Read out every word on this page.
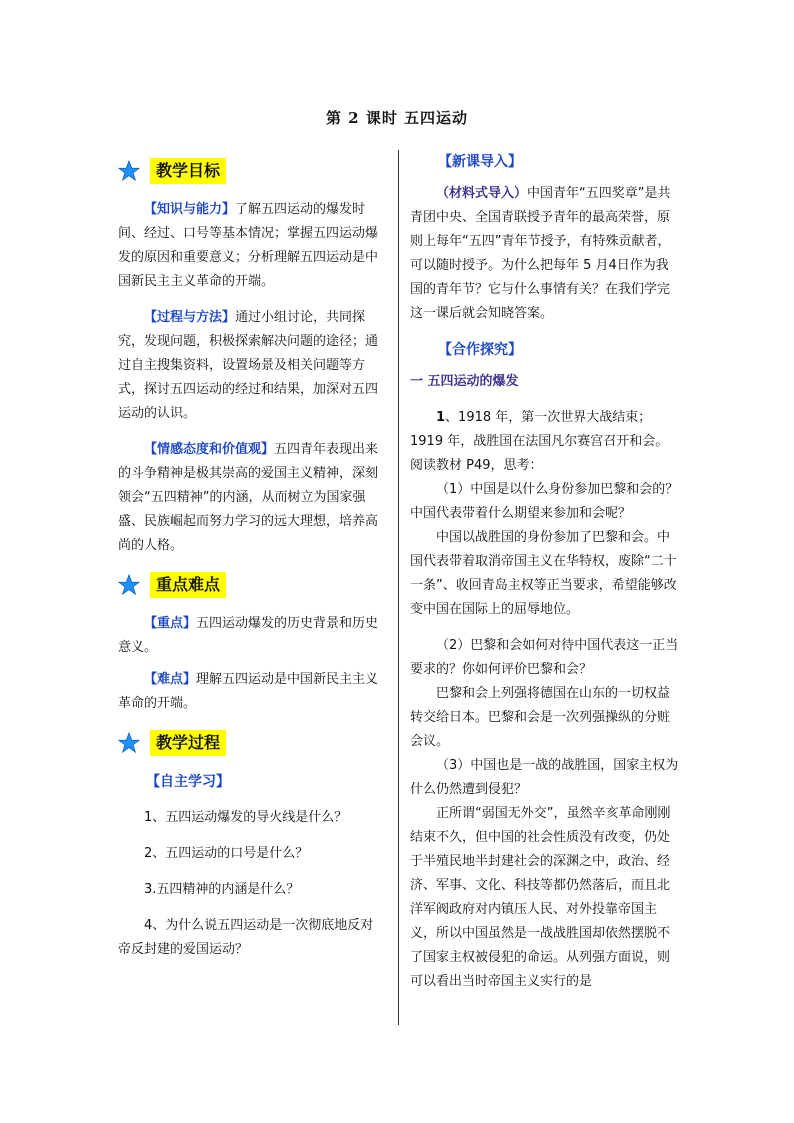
第 2 课时 五四运动
教学目标

【知识与能力】了解五四运动的爆发时间、经过、口号等基本情况；掌握五四运动爆发的原因和重要意义；分析理解五四运动是中国新民主主义革命的开端。

【过程与方法】通过小组讨论，共同探究，发现问题，积极探索解决问题的途径；通过自主搜集资料，设置场景及相关问题等方式，探讨五四运动的经过和结果，加深对五四运动的认识。

【情感态度和价值观】五四青年表现出来的斗争精神是极其崇高的爱国主义精神，深刻领会“五四精神”的内涵，从而树立为国家强盛、民族崛起而努力学习的远大理想，培养高尚的人格。

重点难点

【重点】五四运动爆发的历史背景和历史意义。

【难点】理解五四运动是中国新民主主义革命的开端。

教学过程

【自主学习】

1、五四运动爆发的导火线是什么？

2、五四运动的口号是什么？

3.五四精神的内涵是什么？

4、为什么说五四运动是一次彻底地反对帝反封建的爱国运动？

【新课导入】

（材料式导入）中国青年“五四奖章”是共青团中央、全国青联授予青年的最高荣誉，原则上每年“五四”青年节授予，有特殊贡献者，可以随时授予。为什么把每年 5 月4日作为我国的青年节？它与什么事情有关？在我们学完这一课后就会知晓答案。

【合作探究】

一 五四运动的爆发

1、1918 年，第一次世界大战结束；1919 年，战胜国在法国凡尔赛宫召开和会。阅读教材 P49，思考：

（1）中国是以什么身份参加巴黎和会的？中国代表带着什么期望来参加和会呢？

中国以战胜国的身份参加了巴黎和会。中国代表带着取消帝国主义在华特权，废除“二十一条”、收回青岛主权等正当要求，希望能够改变中国在国际上的屈辱地位。

（2）巴黎和会如何对待中国代表这一正当要求的？你如何评价巴黎和会？

巴黎和会上列强将德国在山东的一切权益转交给日本。巴黎和会是一次列强操纵的分赃会议。

（3）中国也是一战的战胜国，国家主权为什么仍然遭到侵犯？

正所谓“弱国无外交”，虽然辛亥革命刚刚结束不久，但中国的社会性质没有改变，仍处于半殖民地半封建社会的深渊之中，政治、经济、军事、文化、科技等都仍然落后，而且北洋军阀政府对内镇压人民、对外投靠帝国主义，所以中国虽然是一战战胜国却依然摆脱不了国家主权被侵犯的命运。从列强方面说，则可以看出当时帝国主义实行的是
